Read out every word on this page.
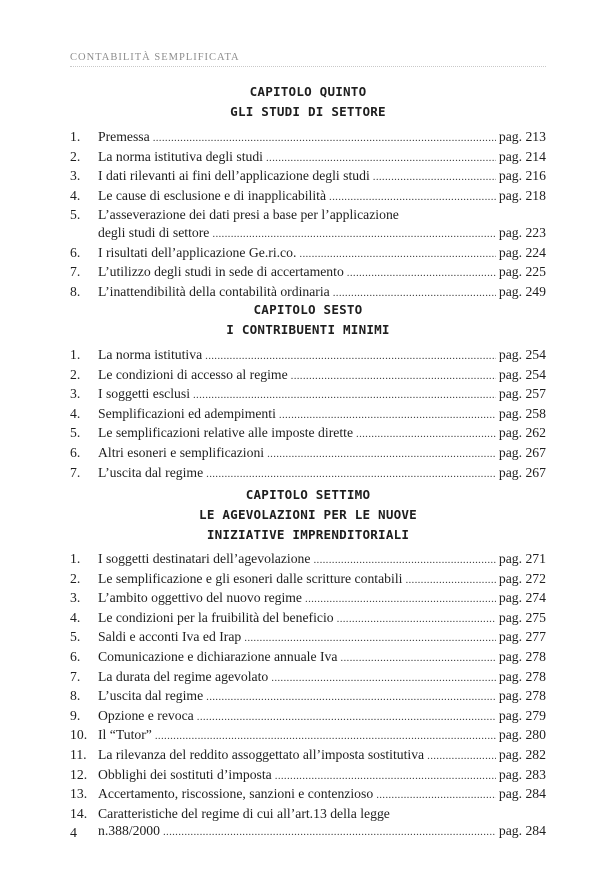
CONTABILITÀ SEMPLIFICATA
CAPITOLO QUINTO
GLI STUDI DI SETTORE
1. Premessa .....	pag. 213
2. La norma istitutiva degli studi .....	pag. 214
3. I dati rilevanti ai fini dell’applicazione degli studi .....	pag. 216
4. Le cause di esclusione e di inapplicabilità .....	pag. 218
5. L’asseverazione dei dati presi a base per l’applicazione
degli studi di settore .....	pag. 223
6. I risultati dell’applicazione Ge.ri.co. .....	pag. 224
7. L’utilizzo degli studi in sede di accertamento .....	pag. 225
8. L’inattendibilità della contabilità ordinaria .....	pag. 249
CAPITOLO SESTO
I CONTRIBUENTI MINIMI
1. La norma istitutiva .....	pag. 254
2. Le condizioni di accesso al regime .....	pag. 254
3. I soggetti esclusi .....	pag. 257
4. Semplificazioni ed adempimenti .....	pag. 258
5. Le semplificazioni relative alle imposte dirette .....	pag. 262
6. Altri esoneri e semplificazioni .....	pag. 267
7. L’uscita dal regime .....	pag. 267
CAPITOLO SETTIMO
LE AGEVOLAZIONI PER LE NUOVE
INIZIATIVE IMPRENDITORIALI
1. I soggetti destinatari dell’agevolazione .....	pag. 271
2. Le semplificazione e gli esoneri dalle scritture contabili .....	pag. 272
3. L’ambito oggettivo del nuovo regime .....	pag. 274
4. Le condizioni per la fruibilità del beneficio .....	pag. 275
5. Saldi e acconti Iva ed Irap .....	pag. 277
6. Comunicazione e dichiarazione annuale Iva .....	pag. 278
7. La durata del regime agevolato .....	pag. 278
8. L’uscita dal regime .....	pag. 278
9. Opzione e revoca .....	pag. 279
10. Il “Tutor” .....	pag. 280
11. La rilevanza del reddito assoggettato all’imposta sostitutiva .....	pag. 282
12. Obblighi dei sostituti d’imposta .....	pag. 283
13. Accertamento, riscossione, sanzioni e contenzioso .....	pag. 284
14. Caratteristiche del regime di cui all’art.13 della legge
n.388/2000 .....	pag. 284
4
